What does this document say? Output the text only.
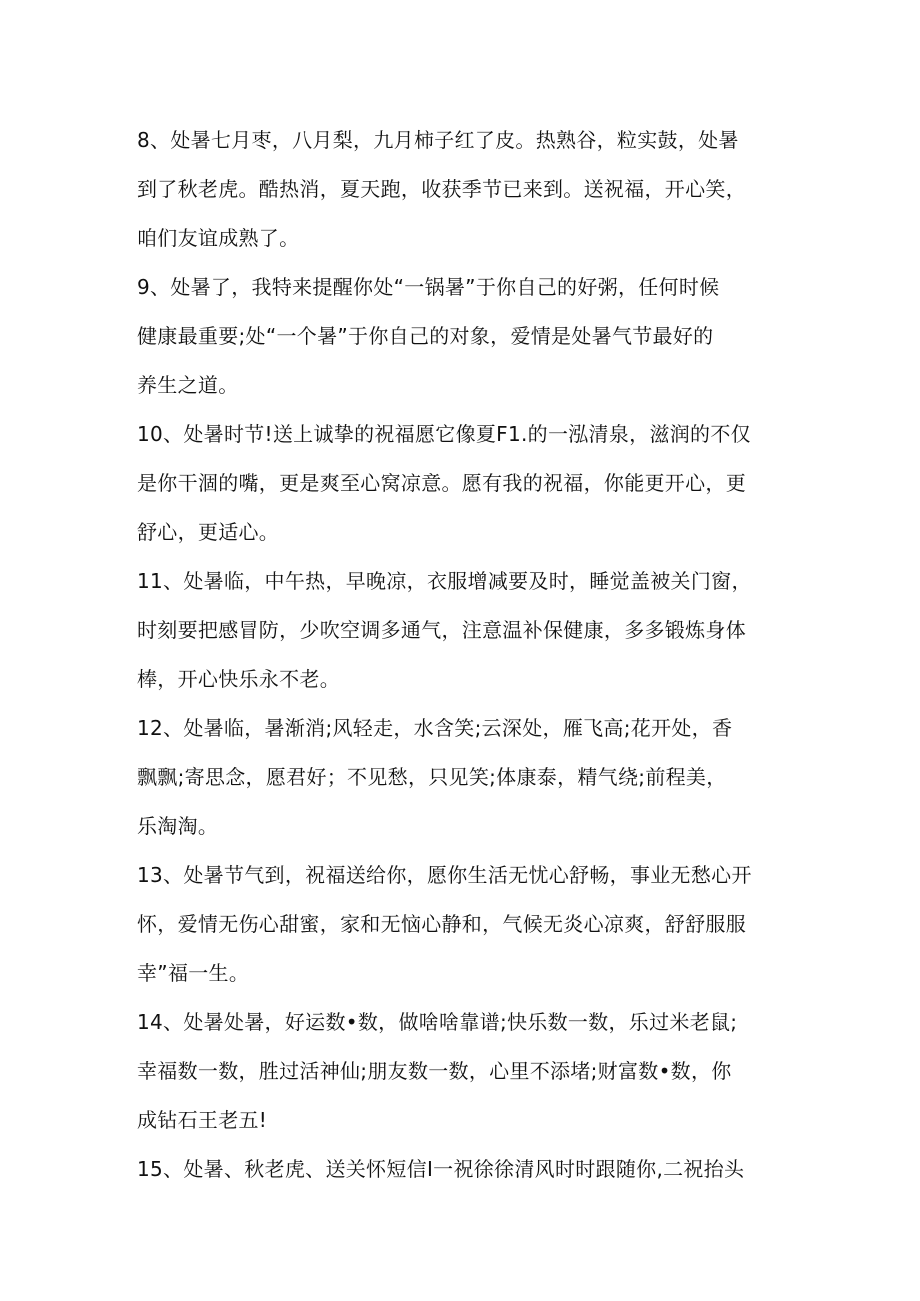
8、处暑七月枣，八月梨，九月柿子红了皮。热熟谷，粒实鼓，处暑
到了秋老虎。酷热消，夏天跑，收获季节已来到。送祝福，开心笑，
咱们友谊成熟了。
9、处暑了，我特来提醒你处“一锅暑”于你自己的好粥，任何时候
健康最重要;处“一个暑”于你自己的对象，爱情是处暑气节最好的
养生之道。
10、处暑时节!送上诚挚的祝福愿它像夏F1.的一泓清泉，滋润的不仅
是你干涸的嘴，更是爽至心窝凉意。愿有我的祝福，你能更开心，更
舒心，更适心。
11、处暑临，中午热，早晚凉，衣服增减要及时，睡觉盖被关门窗，
时刻要把感冒防，少吹空调多通气，注意温补保健康，多多锻炼身体
棒，开心快乐永不老。
12、处暑临，暑渐消;风轻走，水含笑;云深处，雁飞高;花开处，香
飘飘;寄思念，愿君好；不见愁，只见笑;体康泰，精气绕;前程美，
乐淘淘。
13、处暑节气到，祝福送给你，愿你生活无忧心舒畅，事业无愁心开
怀，爱情无伤心甜蜜，家和无恼心静和，气候无炎心凉爽，舒舒服服
幸”福一生。
14、处暑处暑，好运数•数，做啥啥靠谱;快乐数一数，乐过米老鼠;
幸福数一数，胜过活神仙;朋友数一数，心里不添堵;财富数•数，你
成钻石王老五!
15、处暑、秋老虎、送关怀短信I一祝徐徐清风时时跟随你,二祝抬头
